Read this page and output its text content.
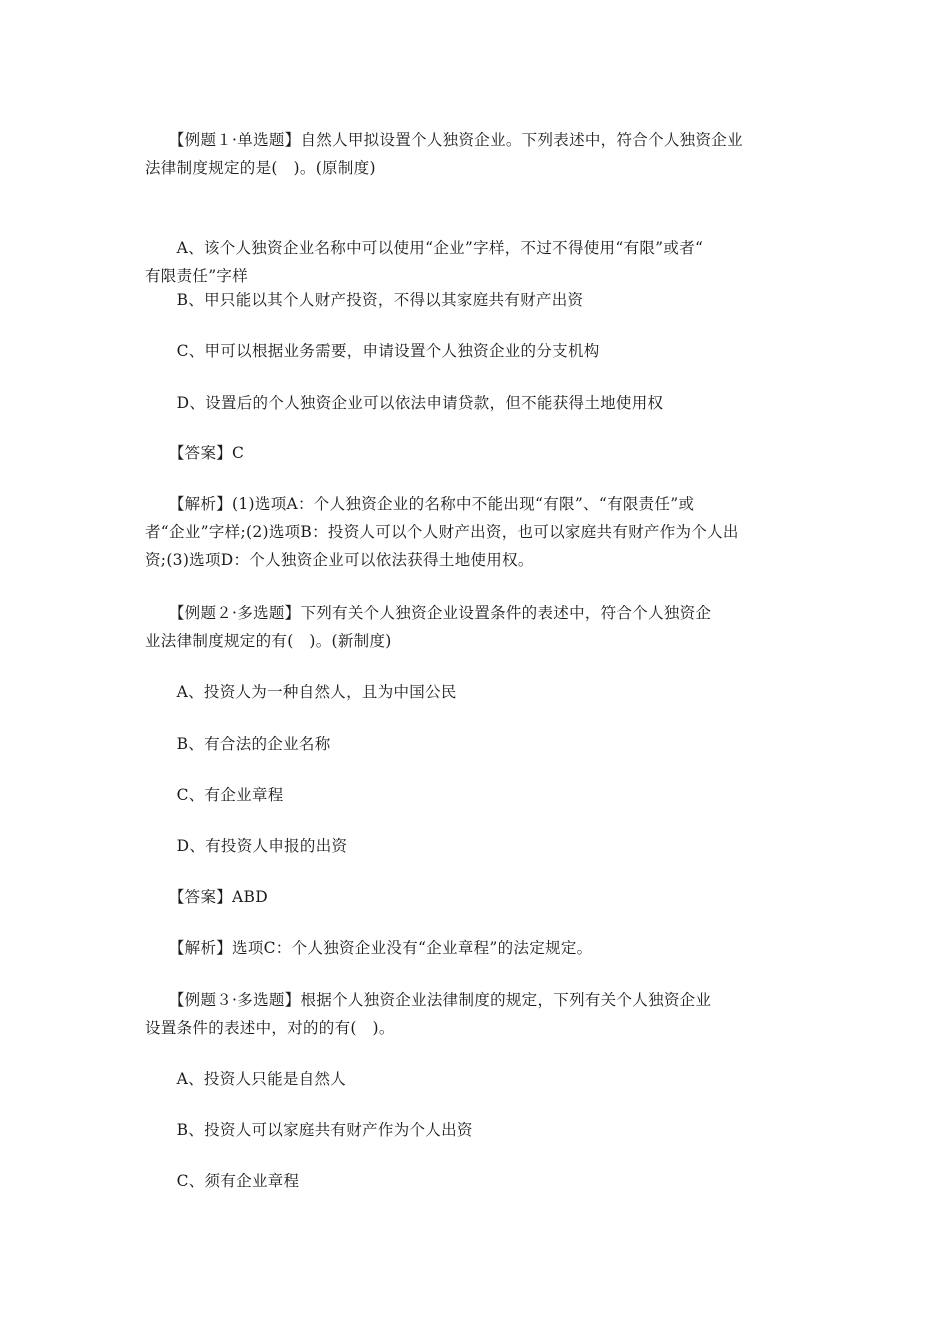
　　【例题１·单选题】自然人甲拟设置个人独资企业。下列表述中，符合个人独资企业
法律制度规定的是(　)。(原制度)
　　A、该个人独资企业名称中可以使用“企业”字样，不过不得使用“有限”或者“
有限责任”字样
　　B、甲只能以其个人财产投资，不得以其家庭共有财产出资
　　C、甲可以根据业务需要，申请设置个人独资企业的分支机构
　　D、设置后的个人独资企业可以依法申请贷款，但不能获得土地使用权
　　【答案】C
　　【解析】(1)选项A：个人独资企业的名称中不能出现“有限”、“有限责任”或
者“企业”字样;(2)选项B：投资人可以个人财产出资，也可以家庭共有财产作为个人出
资;(3)选项D：个人独资企业可以依法获得土地使用权。
　　【例题２·多选题】下列有关个人独资企业设置条件的表述中，符合个人独资企
业法律制度规定的有(　)。(新制度)
　　A、投资人为一种自然人，且为中国公民
　　B、有合法的企业名称
　　C、有企业章程
　　D、有投资人申报的出资
　　【答案】ABD
　　【解析】选项C：个人独资企业没有“企业章程”的法定规定。
　　【例题３·多选题】根据个人独资企业法律制度的规定，下列有关个人独资企业
设置条件的表述中，对的的有(　)。
　　A、投资人只能是自然人
　　B、投资人可以家庭共有财产作为个人出资
　　C、须有企业章程
